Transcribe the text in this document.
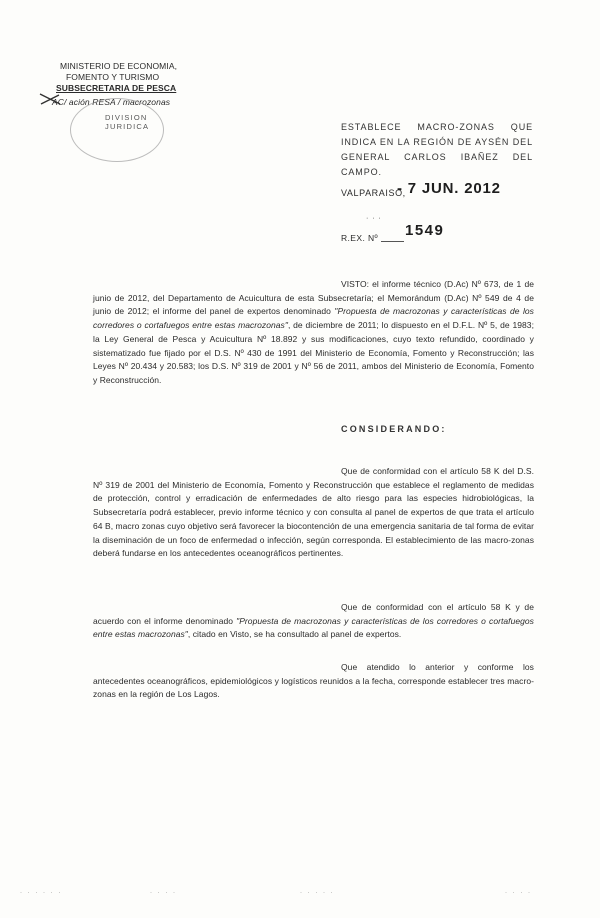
MINISTERIO DE ECONOMIA,
FOMENTO Y TURISMO
SUBSECRETARIA DE PESCA
AC/ ación RESA / macrozonas
DIVISION
JURIDICA	ESTABLECE MACRO-ZONAS QUE INDICA EN LA REGIÓN DE AYSÉN DEL GENERAL CARLOS IBAÑEZ DEL CAMPO.
VALPARAISO,
- 7 JUN. 2012
· · ·
R.EX. Nº 1549
VISTO: el informe técnico (D.Ac) Nº 673, de 1 de junio de 2012, del Departamento de Acuicultura de esta Subsecretaría; el Memorándum (D.Ac) Nº 549 de 4 de junio de 2012; el informe del panel de expertos denominado "Propuesta de macrozonas y características de los corredores o cortafuegos entre estas macrozonas", de diciembre de 2011; lo dispuesto en el D.F.L. Nº 5, de 1983; la Ley General de Pesca y Acuicultura Nº 18.892 y sus modificaciones, cuyo texto refundido, coordinado y sistematizado fue fijado por el D.S. Nº 430 de 1991 del Ministerio de Economía, Fomento y Reconstrucción; las Leyes Nº 20.434 y 20.583; los D.S. Nº 319 de 2001 y Nº 56 de 2011, ambos del Ministerio de Economía, Fomento y Reconstrucción.
CONSIDERANDO:
Que de conformidad con el artículo 58 K del D.S. Nº 319 de 2001 del Ministerio de Economía, Fomento y Reconstrucción que establece el reglamento de medidas de protección, control y erradicación de enfermedades de alto riesgo para las especies hidrobiológicas, la Subsecretaría podrá establecer, previo informe técnico y con consulta al panel de expertos de que trata el artículo 64 B, macro zonas cuyo objetivo será favorecer la biocontención de una emergencia sanitaria de tal forma de evitar la diseminación de un foco de enfermedad o infección, según corresponda. El establecimiento de las macro-zonas deberá fundarse en los antecedentes oceanográficos pertinentes.
Que de conformidad con el artículo 58 K y de acuerdo con el informe denominado "Propuesta de macrozonas y características de los corredores o cortafuegos entre estas macrozonas", citado en Visto, se ha consultado al panel de expertos.
Que atendido lo anterior y conforme los antecedentes oceanográficos, epidemiológicos y logísticos reunidos a la fecha, corresponde establecer tres macro-zonas en la región de Los Lagos.
· · · · · ·	· · · ·	· · · · ·	· · · ·
